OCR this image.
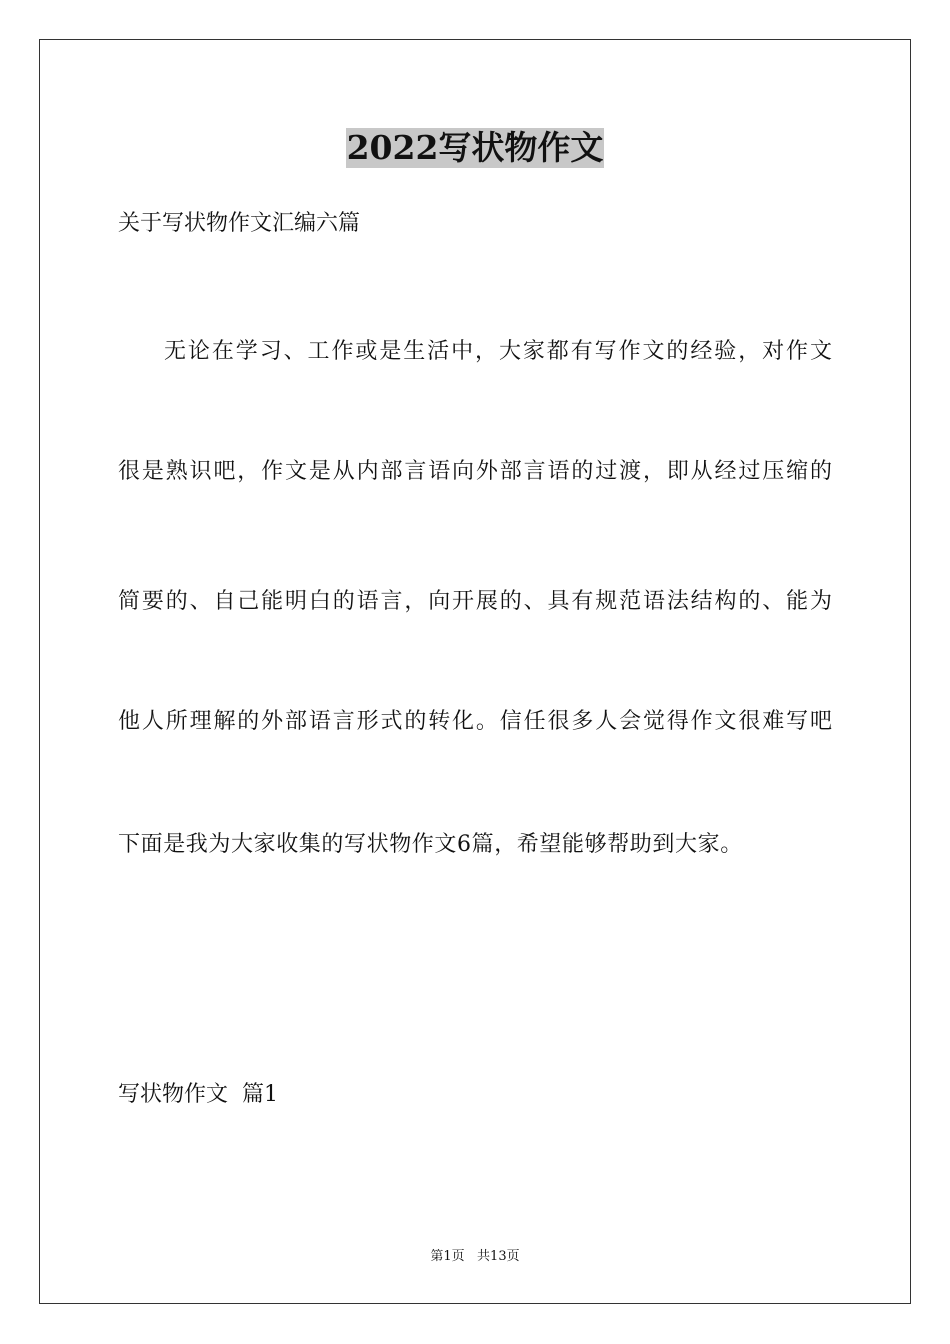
2022写状物作文
关于写状物作文汇编六篇
无论在学习、工作或是生活中，大家都有写作文的经验，对作文
很是熟识吧，作文是从内部言语向外部言语的过渡，即从经过压缩的
简要的、自己能明白的语言，向开展的、具有规范语法结构的、能为
他人所理解的外部语言形式的转化。信任很多人会觉得作文很难写吧
下面是我为大家收集的写状物作文6篇，希望能够帮助到大家。
写状物作文  篇1
第1页   共13页
